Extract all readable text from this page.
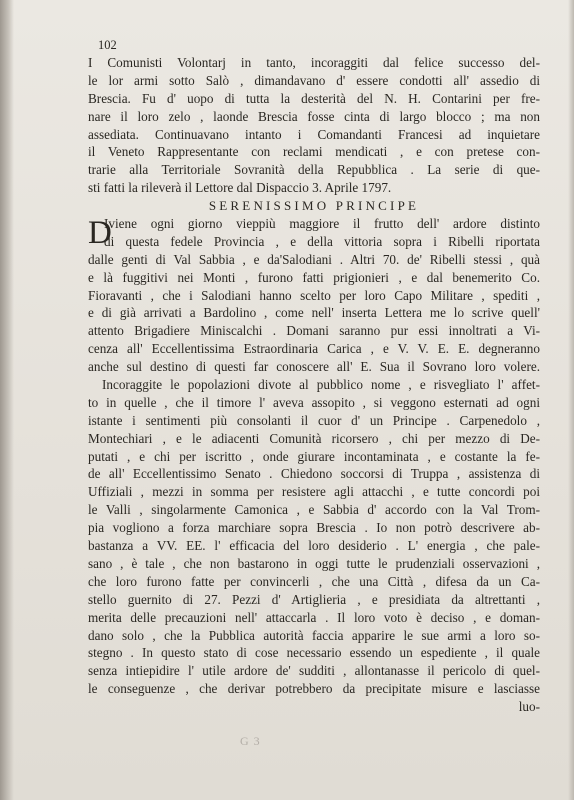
102
I Comunisti Volontarj in tanto, incoraggiti dal felice successo del-
le lor armi sotto Salò , dimandavano d' essere condotti all' assedio di
Brescia. Fu d' uopo di tutta la desterità del N. H. Contarini per fre-
nare il loro zelo , laonde Brescia fosse cinta di largo blocco ; ma non
assediata. Continuavano intanto i Comandanti Francesi ad inquietare
il Veneto Rappresentante con reclami mendicati , e con pretese con-
trarie alla Territoriale Sovranità della Repubblica . La serie di que-
sti fatti la rileverà il Lettore dal Dispaccio 3. Aprile 1797.
SERENISSIMO PRINCIPE
D
Iviene ogni giorno vieppiù maggiore il frutto dell' ardore distinto
di questa fedele Provincia , e della vittoria sopra i Ribelli riportata
dalle genti di Val Sabbia , e da'Salodiani . Altri 70. de' Ribelli stessi , quà
e là fuggitivi nei Monti , furono fatti prigionieri , e dal benemerito Co.
Fioravanti , che i Salodiani hanno scelto per loro Capo Militare , spediti ,
e di già arrivati a Bardolino , come nell' inserta Lettera me lo scrive quell'
attento Brigadiere Miniscalchi . Domani saranno pur essi innoltrati a Vi-
cenza all' Eccellentissima Estraordinaria Carica , e V. V. E. E. degneranno
anche sul destino di questi far conoscere all' E. Sua il Sovrano loro volere.
Incoraggite le popolazioni divote al pubblico nome , e risvegliato l' affet-
to in quelle , che il timore l' aveva assopito , si veggono esternati ad ogni
istante i sentimenti più consolanti il cuor d' un Principe . Carpenedolo ,
Montechiari , e le adiacenti Comunità ricorsero , chi per mezzo di De-
putati , e chi per iscritto , onde giurare incontaminata , e costante la fe-
de all' Eccellentissimo Senato . Chiedono soccorsi di Truppa , assistenza di
Uffiziali , mezzi in somma per resistere agli attacchi , e tutte concordi poi
le Valli , singolarmente Camonica , e Sabbia d' accordo con la Val Trom-
pia vogliono a forza marchiare sopra Brescia . Io non potrò descrivere ab-
bastanza a VV. EE. l' efficacia del loro desiderio . L' energia , che pale-
sano , è tale , che non bastarono in oggi tutte le prudenziali osservazioni ,
che loro furono fatte per convincerli , che una Città , difesa da un Ca-
stello guernito di 27. Pezzi d' Artiglieria , e presidiata da altrettanti ,
merita delle precauzioni nell' attaccarla . Il loro voto è deciso , e doman-
dano solo , che la Pubblica autorità faccia apparire le sue armi a loro so-
stegno . In questo stato di cose necessario essendo un espediente , il quale
senza intiepidire l' utile ardore de' sudditi , allontanasse il pericolo di quel-
le conseguenze , che derivar potrebbero da precipitate misure e lasciasse
luo-
G 3
